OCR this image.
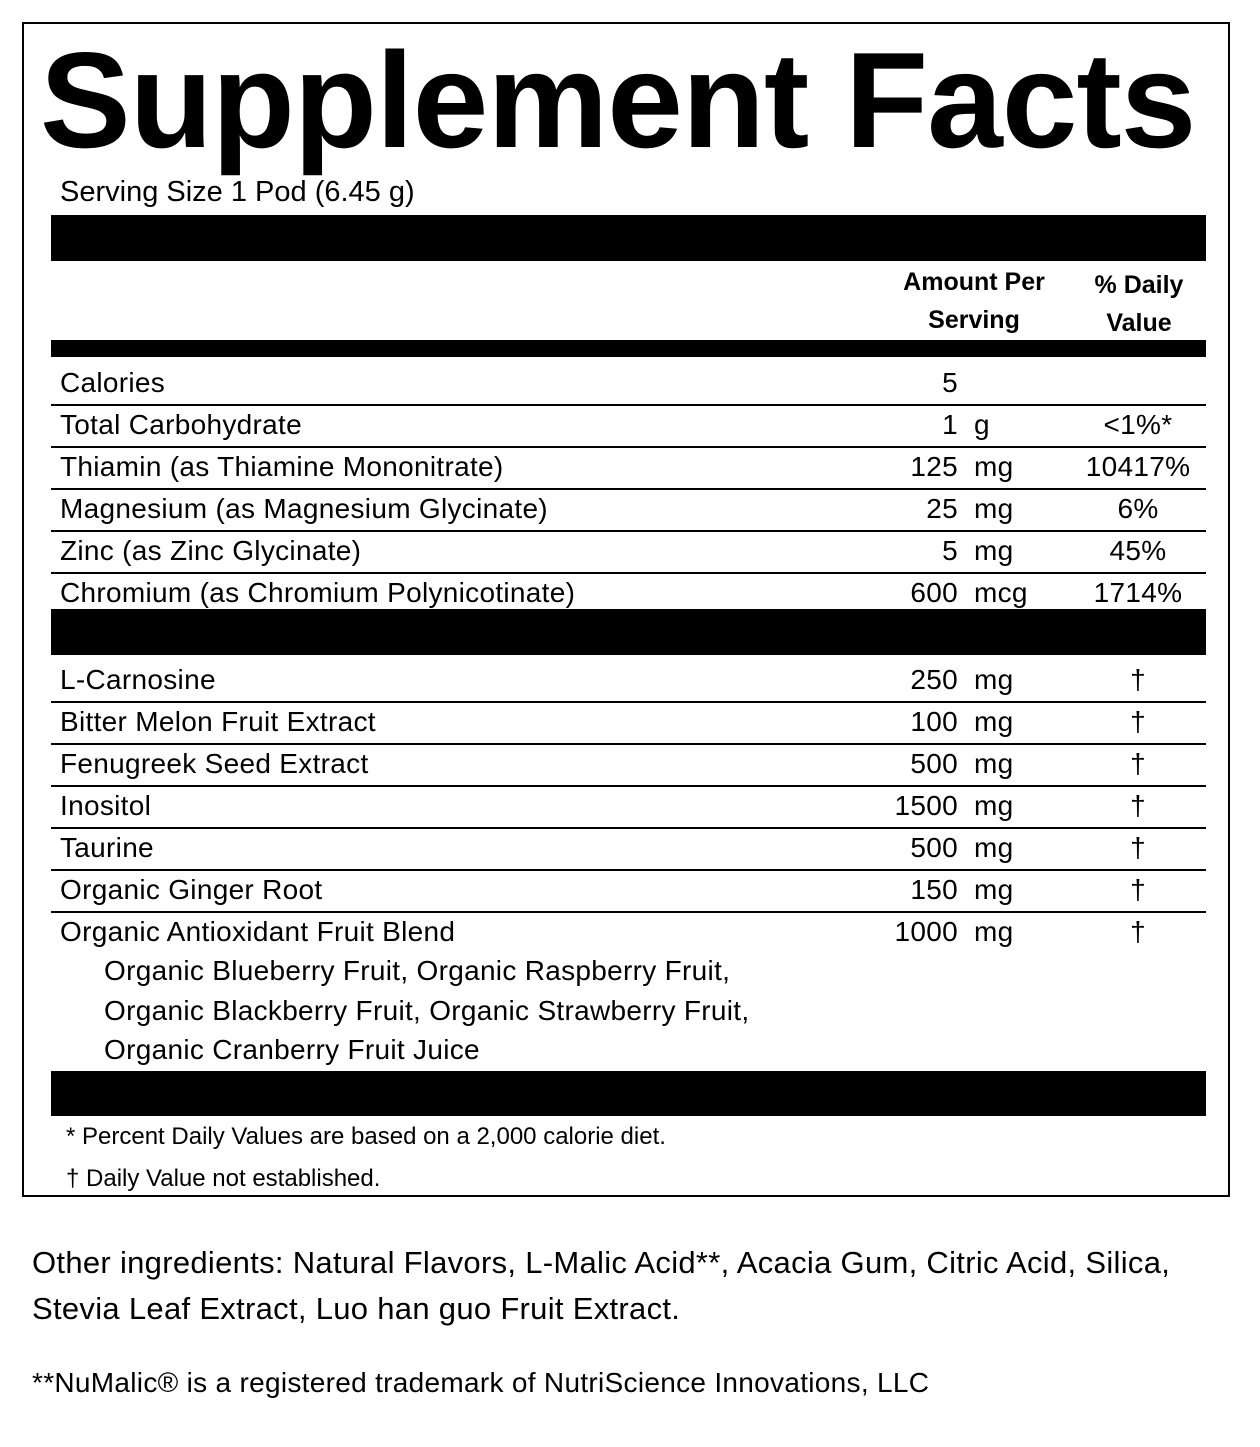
Supplement Facts
Serving Size 1 Pod (6.45 g)
Amount Per
Serving
% Daily
Value
Calories	5
Total Carbohydrate	1 g	<1%*
Thiamin (as Thiamine Mononitrate)	125 mg	10417%
Magnesium (as Magnesium Glycinate)	25 mg	6%
Zinc (as Zinc Glycinate)	5 mg	45%
Chromium (as Chromium Polynicotinate)	600 mcg	1714%
L-Carnosine	250 mg	†
Bitter Melon Fruit Extract	100 mg	†
Fenugreek Seed Extract	500 mg	†
Inositol	1500 mg	†
Taurine	500 mg	†
Organic Ginger Root	150 mg	†
Organic Antioxidant Fruit Blend	1000 mg	†
Organic Blueberry Fruit, Organic Raspberry Fruit,
Organic Blackberry Fruit, Organic Strawberry Fruit,
Organic Cranberry Fruit Juice
* Percent Daily Values are based on a 2,000 calorie diet.
† Daily Value not established.

Other ingredients: Natural Flavors, L-Malic Acid**, Acacia Gum, Citric Acid, Silica, Stevia Leaf Extract, Luo han guo Fruit Extract.

**NuMalic® is a registered trademark of NutriScience Innovations, LLC
